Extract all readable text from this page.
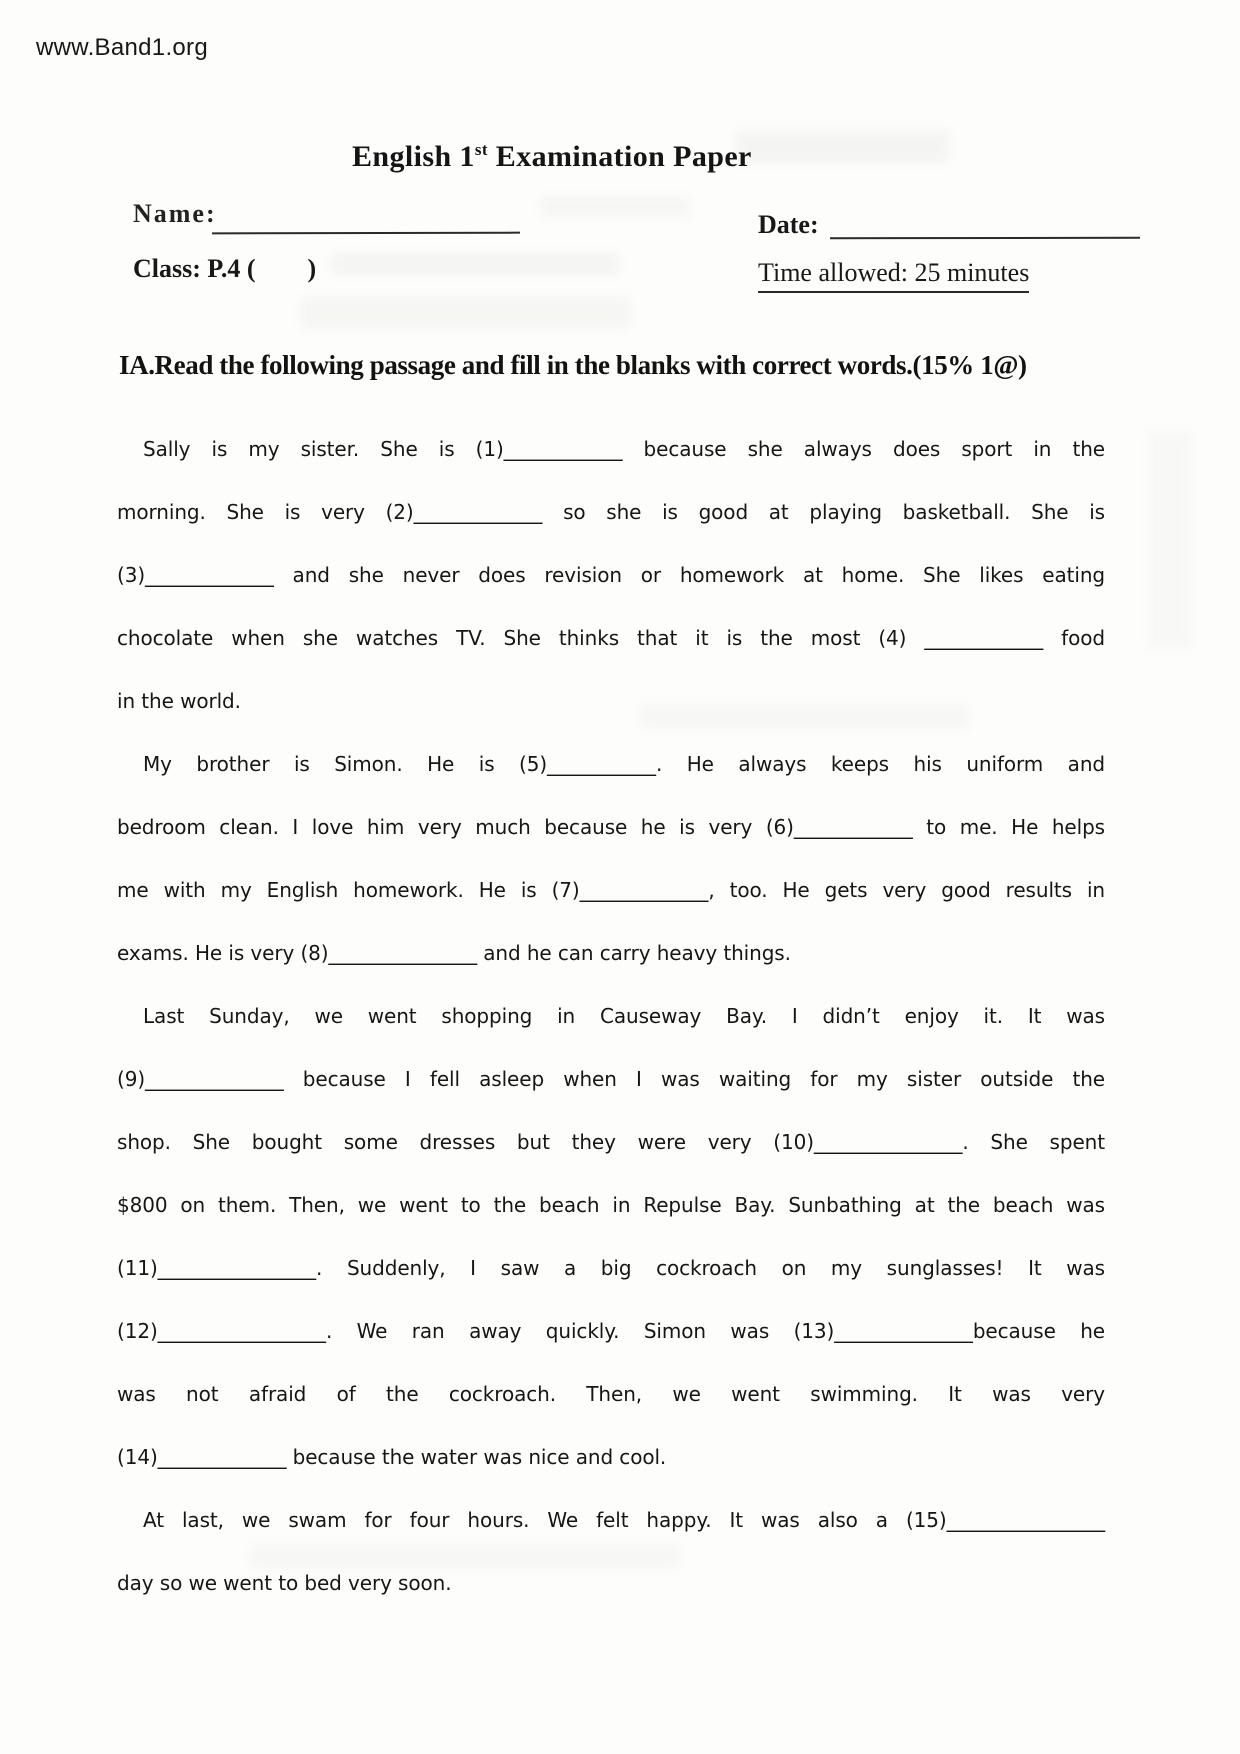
www.Band1.org
English 1st Examination Paper
Name:	Date:
Class: P.4 (        )	Time allowed: 25 minutes
IA.Read the following passage and fill in the blanks with correct words.(15% 1@)
Sally is my sister. She is (1)____________ because she always does sport in the
morning. She is very (2)_____________ so she is good at playing basketball. She is
(3)_____________ and she never does revision or homework at home. She likes eating
chocolate when she watches TV. She thinks that it is the most (4) ____________ food
in the world.
My brother is Simon. He is (5)___________. He always keeps his uniform and
bedroom clean. I love him very much because he is very (6)____________ to me. He helps
me with my English homework. He is (7)_____________, too. He gets very good results in
exams. He is very (8)_______________ and he can carry heavy things.
Last Sunday, we went shopping in Causeway Bay. I didn’t enjoy it. It was
(9)______________ because I fell asleep when I was waiting for my sister outside the
shop. She bought some dresses but they were very (10)_______________. She spent
$800 on them. Then, we went to the beach in Repulse Bay. Sunbathing at the beach was
(11)________________. Suddenly, I saw a big cockroach on my sunglasses! It was
(12)_________________. We ran away quickly. Simon was (13)______________because he
was not afraid of the cockroach. Then, we went swimming. It was very
(14)_____________ because the water was nice and cool.
At last, we swam for four hours. We felt happy. It was also a (15)________________
day so we went to bed very soon.
